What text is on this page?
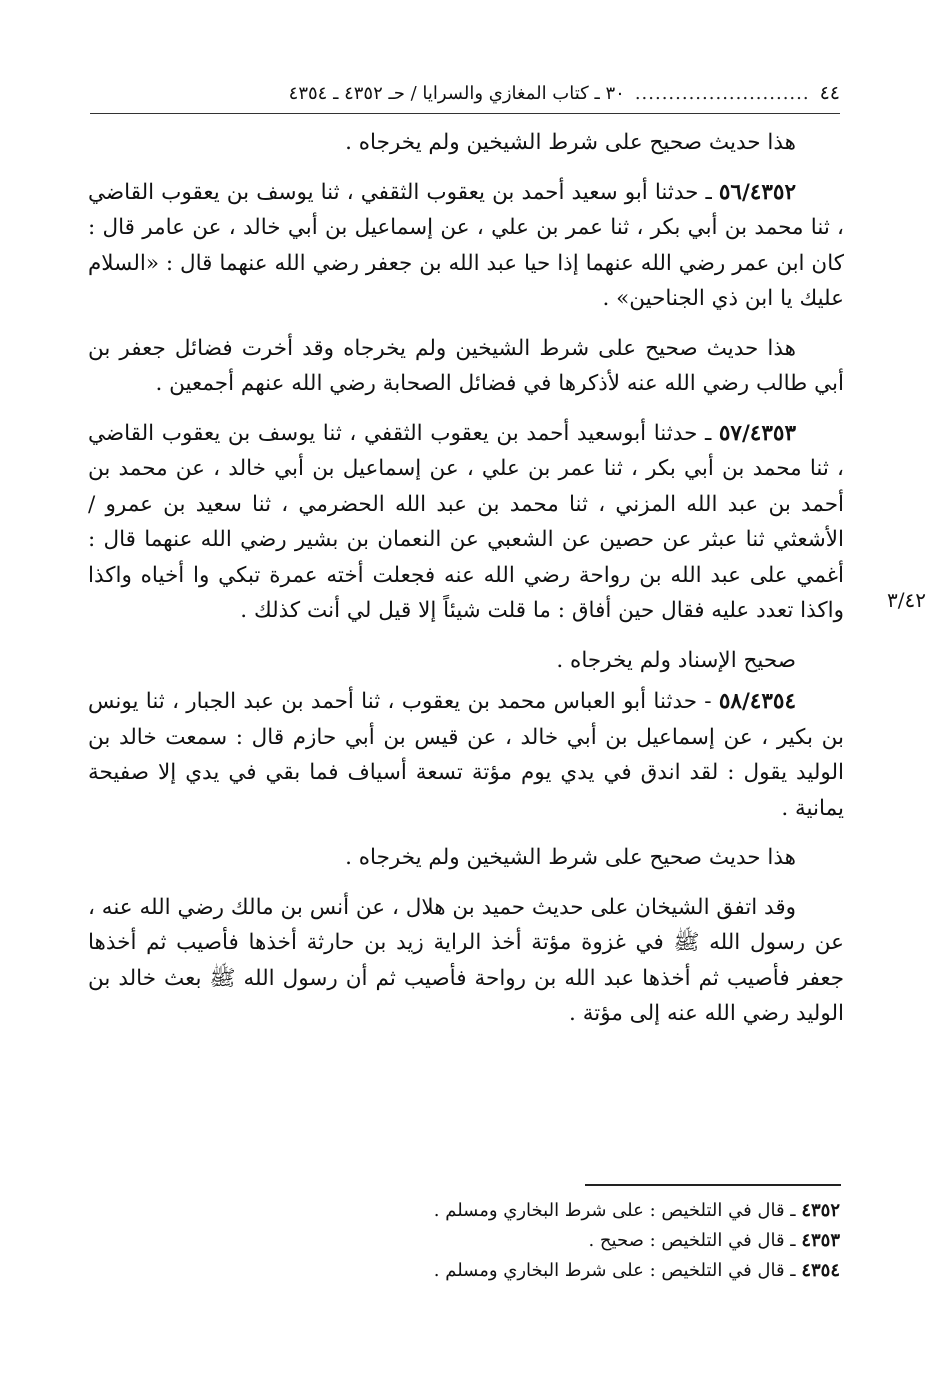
٤٤
..........................
٣٠ ـ كتاب المغازي والسرايا / حـ ٤٣٥٢ ـ ٤٣٥٤
٣/٤٢

هذا حديث صحيح على شرط الشيخين ولم يخرجاه .

٥٦/٤٣٥٢ ـ حدثنا أبو سعيد أحمد بن يعقوب الثقفي ، ثنا يوسف بن يعقوب القاضي ، ثنا محمد بن أبي بكر ، ثنا عمر بن علي ، عن إسماعيل بن أبي خالد ، عن عامر قال : كان ابن عمر رضي الله عنهما إذا حيا عبد الله بن جعفر رضي الله عنهما قال : «السلام عليك يا ابن ذي الجناحين» .

هذا حديث صحيح على شرط الشيخين ولم يخرجاه وقد أخرت فضائل جعفر بن أبي طالب رضي الله عنه لأذكرها في فضائل الصحابة رضي الله عنهم أجمعين .

٥٧/٤٣٥٣ ـ حدثنا أبوسعيد أحمد بن يعقوب الثقفي ، ثنا يوسف بن يعقوب القاضي ، ثنا محمد بن أبي بكر ، ثنا عمر بن علي ، عن إسماعيل بن أبي خالد ، عن محمد بن أحمد بن عبد الله المزني ، ثنا محمد بن عبد الله الحضرمي ، ثنا سعيد بن عمرو / الأشعثي ثنا عبثر عن حصين عن الشعبي عن النعمان بن بشير رضي الله عنهما قال : أغمي على عبد الله بن رواحة رضي الله عنه فجعلت أخته عمرة تبكي وا أخياه واكذا واكذا تعدد عليه فقال حين أفاق : ما قلت شيئاً إلا قيل لي أنت كذلك .

صحيح الإسناد ولم يخرجاه .

٥٨/٤٣٥٤ - حدثنا أبو العباس محمد بن يعقوب ، ثنا أحمد بن عبد الجبار ، ثنا يونس بن بكير ، عن إسماعيل بن أبي خالد ، عن قيس بن أبي حازم قال : سمعت خالد بن الوليد يقول : لقد اندق في يدي يوم مؤتة تسعة أسياف فما بقي في يدي إلا صفيحة يمانية .

هذا حديث صحيح على شرط الشيخين ولم يخرجاه .

وقد اتفق الشيخان على حديث حميد بن هلال ، عن أنس بن مالك رضي الله عنه ، عن رسول الله ﷺ في غزوة مؤتة أخذ الراية زيد بن حارثة أخذها فأصيب ثم أخذها جعفر فأصيب ثم أخذها عبد الله بن رواحة فأصيب ثم أن رسول الله ﷺ بعث خالد بن الوليد رضي الله عنه إلى مؤتة .

٤٣٥٢ ـ قال في التلخيص : على شرط البخاري ومسلم .
٤٣٥٣ ـ قال في التلخيص : صحيح .
٤٣٥٤ ـ قال في التلخيص : على شرط البخاري ومسلم .
